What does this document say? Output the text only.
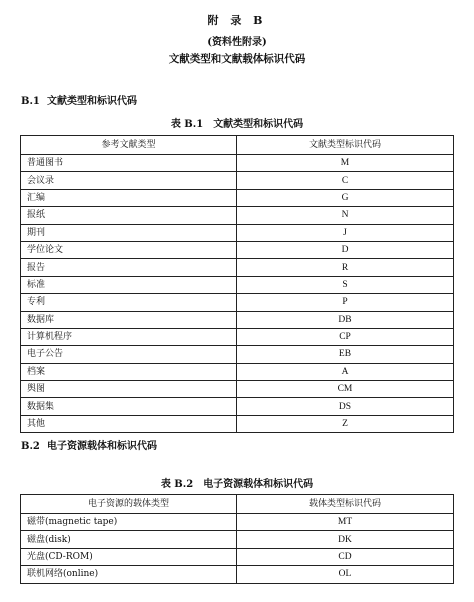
附 录 B
(资料性附录)
文献类型和文献载体标识代码
B.1 文献类型和标识代码
表 B.1 文献类型和标识代码
参考文献类型	文献类型标识代码
普通图书	M
会议录	C
汇编	G
报纸	N
期刊	J
学位论文	D
报告	R
标准	S
专利	P
数据库	DB
计算机程序	CP
电子公告	EB
档案	A
舆图	CM
数据集	DS
其他	Z
B.2 电子资源载体和标识代码
表 B.2 电子资源载体和标识代码
电子资源的载体类型	载体类型标识代码
磁带(magnetic tape)	MT
磁盘(disk)	DK
光盘(CD-ROM)	CD
联机网络(online)	OL
